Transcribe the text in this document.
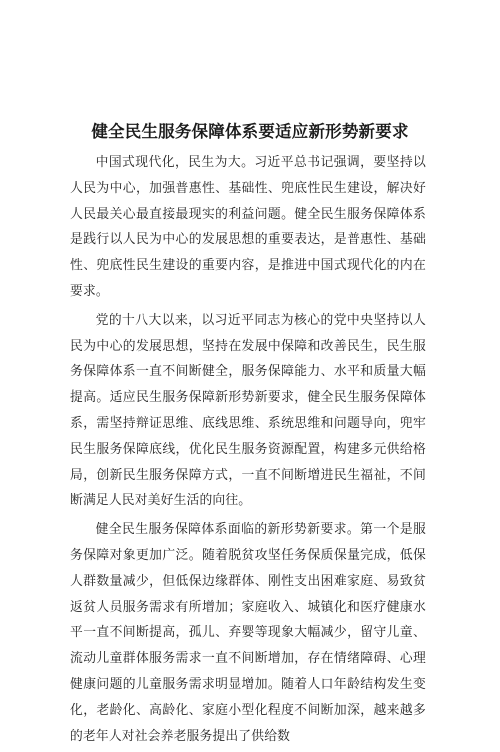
健全民生服务保障体系要适应新形势新要求

中国式现代化，民生为大。习近平总书记强调，要坚持以人民为中心，加强普惠性、基础性、兜底性民生建设，解决好人民最关心最直接最现实的利益问题。健全民生服务保障体系是践行以人民为中心的发展思想的重要表达，是普惠性、基础性、兜底性民生建设的重要内容，是推进中国式现代化的内在要求。

党的十八大以来，以习近平同志为核心的党中央坚持以人民为中心的发展思想，坚持在发展中保障和改善民生，民生服务保障体系一直不间断健全，服务保障能力、水平和质量大幅提高。适应民生服务保障新形势新要求，健全民生服务保障体系，需坚持辩证思维、底线思维、系统思维和问题导向，兜牢民生服务保障底线，优化民生服务资源配置，构建多元供给格局，创新民生服务保障方式，一直不间断增进民生福祉，不间断满足人民对美好生活的向往。

健全民生服务保障体系面临的新形势新要求。第一个是服务保障对象更加广泛。随着脱贫攻坚任务保质保量完成，低保人群数量减少，但低保边缘群体、刚性支出困难家庭、易致贫返贫人员服务需求有所增加；家庭收入、城镇化和医疗健康水平一直不间断提高，孤儿、弃婴等现象大幅减少，留守儿童、流动儿童群体服务需求一直不间断增加，存在情绪障碍、心理健康问题的儿童服务需求明显增加。随着人口年龄结构发生变化，老龄化、高龄化、家庭小型化程度不间断加深，越来越多的老年人对社会养老服务提出了供给数
